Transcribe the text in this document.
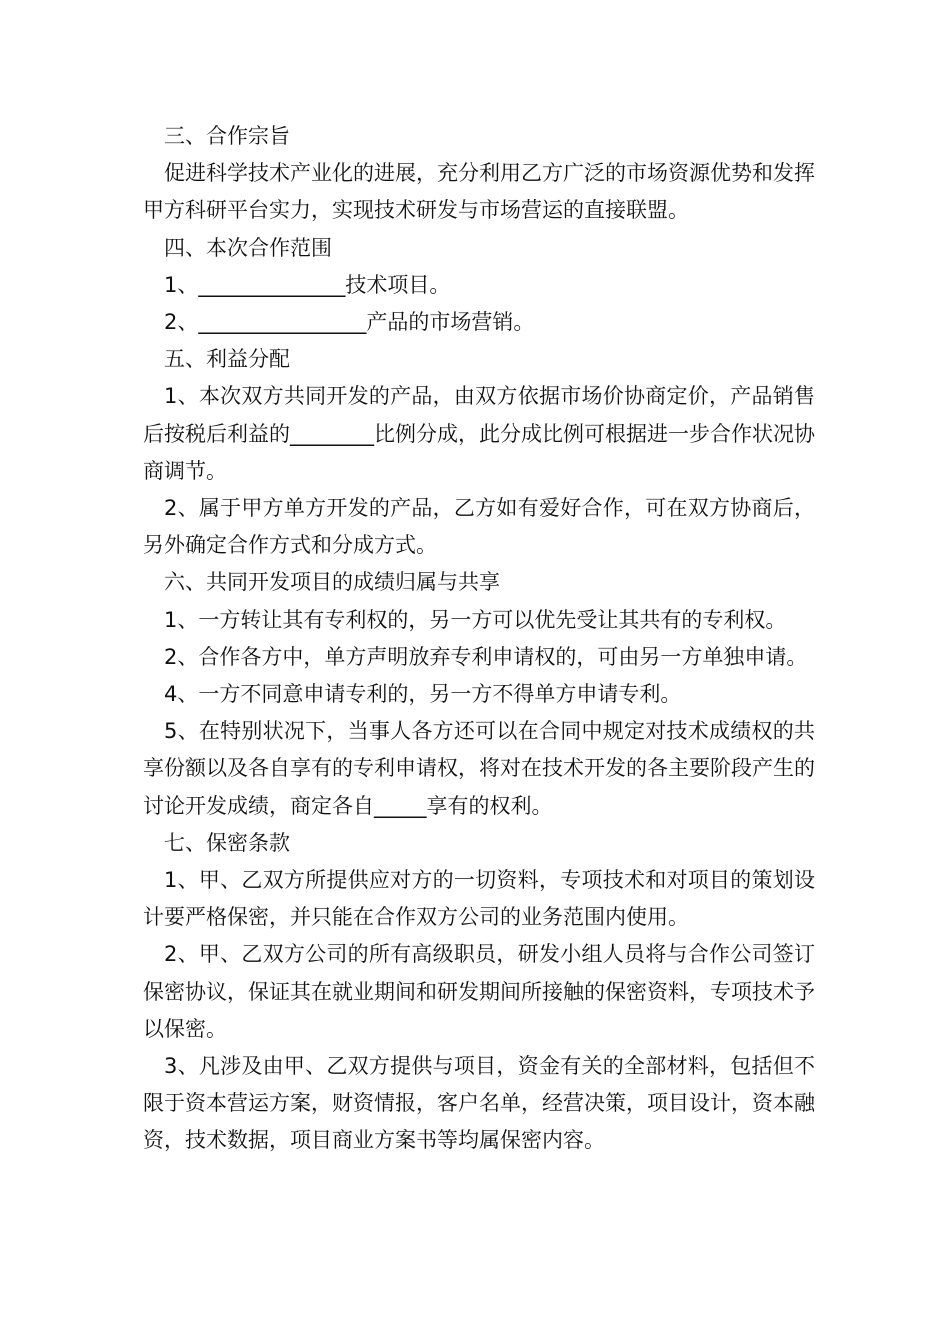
三、合作宗旨

促进科学技术产业化的进展，充分利用乙方广泛的市场资源优势和发挥甲方科研平台实力，实现技术研发与市场营运的直接联盟。

四、本次合作范围

1、______________技术项目。

2、________________产品的市场营销。

五、利益分配

1、本次双方共同开发的产品，由双方依据市场价协商定价，产品销售后按税后利益的________比例分成，此分成比例可根据进一步合作状况协商调节。

2、属于甲方单方开发的产品，乙方如有爱好合作，可在双方协商后，另外确定合作方式和分成方式。

六、共同开发项目的成绩归属与共享

1、一方转让其有专利权的，另一方可以优先受让其共有的专利权。

2、合作各方中，单方声明放弃专利申请权的，可由另一方单独申请。

4、一方不同意申请专利的，另一方不得单方申请专利。

5、在特别状况下，当事人各方还可以在合同中规定对技术成绩权的共享份额以及各自享有的专利申请权，将对在技术开发的各主要阶段产生的讨论开发成绩，商定各自_____享有的权利。

七、保密条款

1、甲、乙双方所提供应对方的一切资料，专项技术和对项目的策划设计要严格保密，并只能在合作双方公司的业务范围内使用。

2、甲、乙双方公司的所有高级职员，研发小组人员将与合作公司签订保密协议，保证其在就业期间和研发期间所接触的保密资料，专项技术予以保密。

3、凡涉及由甲、乙双方提供与项目，资金有关的全部材料，包括但不限于资本营运方案，财资情报，客户名单，经营决策，项目设计，资本融资，技术数据，项目商业方案书等均属保密内容。
